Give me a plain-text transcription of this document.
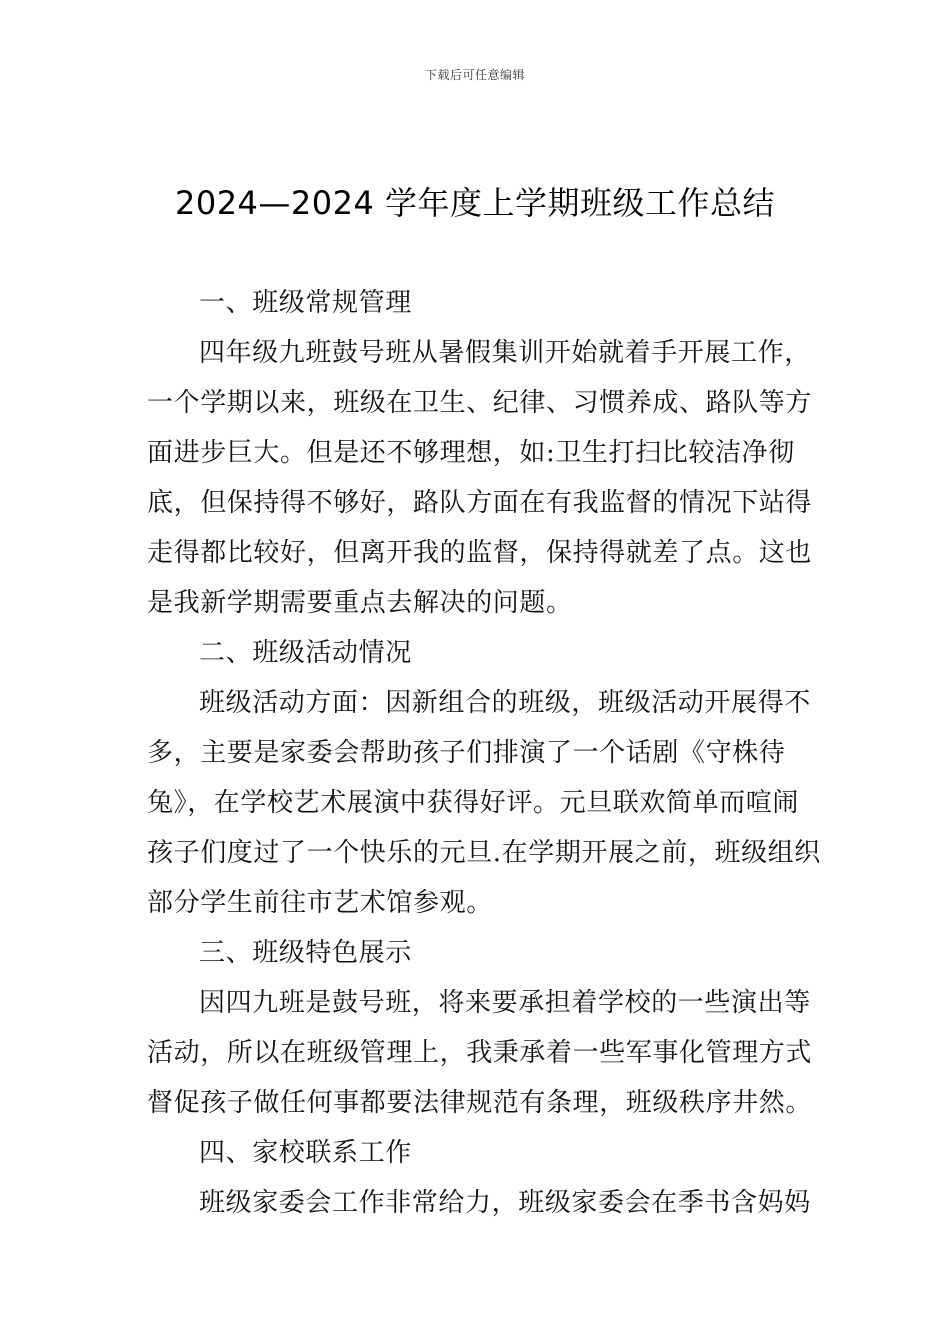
下载后可任意编辑
2024—2024 学年度上学期班级工作总结

一、班级常规管理

四年级九班鼓号班从暑假集训开始就着手开展工作，一个学期以来，班级在卫生、纪律、习惯养成、路队等方面进步巨大。但是还不够理想，如:卫生打扫比较洁净彻底，但保持得不够好，路队方面在有我监督的情况下站得走得都比较好，但离开我的监督，保持得就差了点。这也是我新学期需要重点去解决的问题。

二、班级活动情况

班级活动方面：因新组合的班级，班级活动开展得不多，主要是家委会帮助孩子们排演了一个话剧《守株待兔》，在学校艺术展演中获得好评。元旦联欢简单而喧闹孩子们度过了一个快乐的元旦.在学期开展之前，班级组织部分学生前往市艺术馆参观。

三、班级特色展示

因四九班是鼓号班，将来要承担着学校的一些演出等活动，所以在班级管理上，我秉承着一些军事化管理方式督促孩子做任何事都要法律规范有条理，班级秩序井然。

四、家校联系工作

班级家委会工作非常给力，班级家委会在季书含妈妈
